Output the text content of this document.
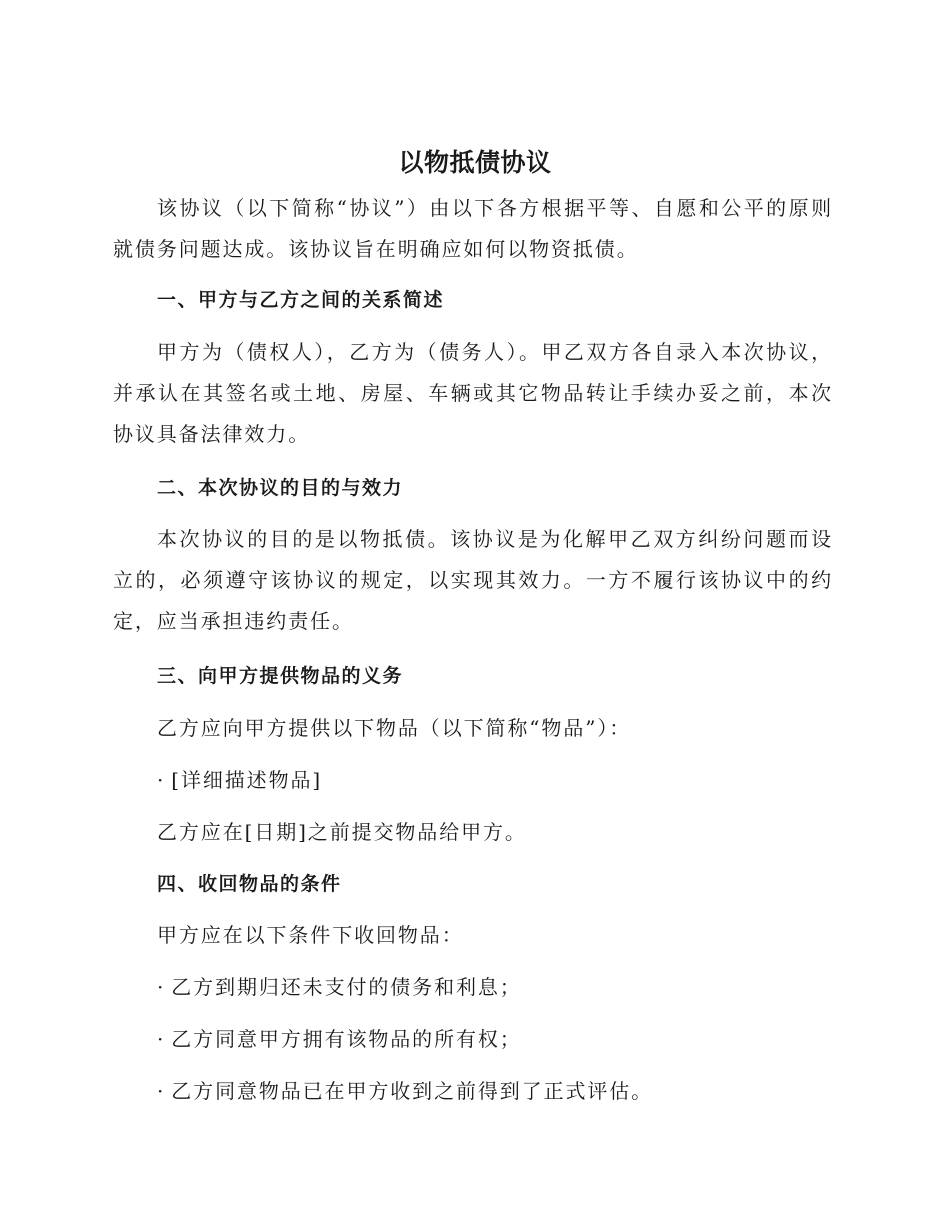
以物抵债协议
该协议（以下简称“协议”）由以下各方根据平等、自愿和公平的原则就债务问题达成。该协议旨在明确应如何以物资抵债。
一、甲方与乙方之间的关系简述
甲方为（债权人），乙方为（债务人）。甲乙双方各自录入本次协议，并承认在其签名或土地、房屋、车辆或其它物品转让手续办妥之前，本次协议具备法律效力。
二、本次协议的目的与效力
本次协议的目的是以物抵债。该协议是为化解甲乙双方纠纷问题而设立的，必须遵守该协议的规定，以实现其效力。一方不履行该协议中的约定，应当承担违约责任。
三、向甲方提供物品的义务
乙方应向甲方提供以下物品（以下简称“物品”）：
· [详细描述物品]
乙方应在[日期]之前提交物品给甲方。
四、收回物品的条件
甲方应在以下条件下收回物品：
· 乙方到期归还未支付的债务和利息；
· 乙方同意甲方拥有该物品的所有权；
· 乙方同意物品已在甲方收到之前得到了正式评估。
